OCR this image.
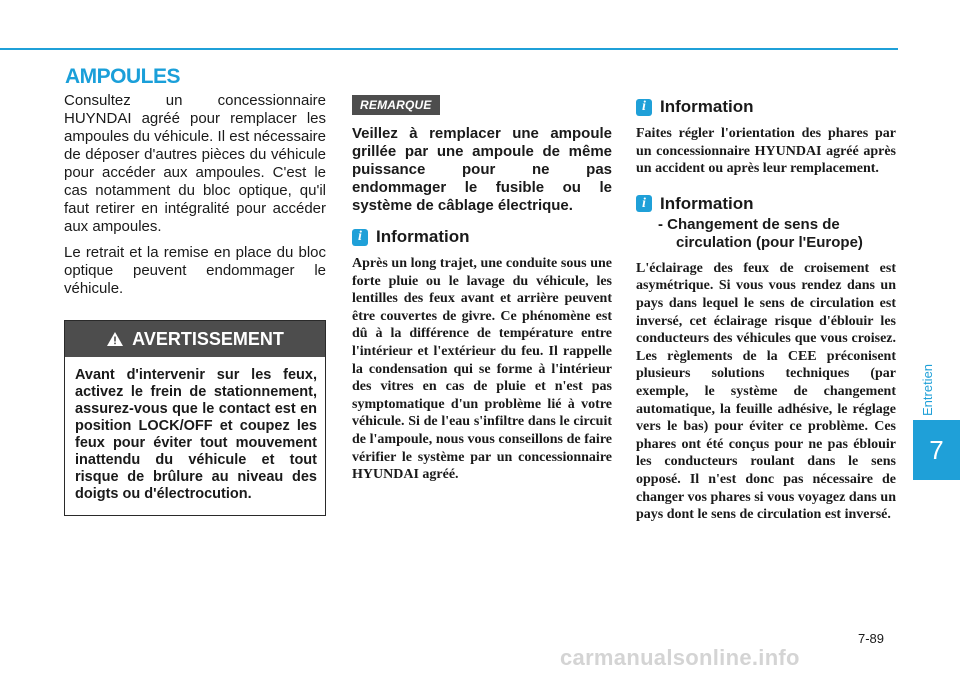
AMPOULES

Consultez un concessionnaire HUYNDAI agréé pour remplacer les ampoules du véhicule. Il est nécessaire de déposer d'autres pièces du véhicule pour accéder aux ampoules. C'est le cas notamment du bloc optique, qu'il faut retirer en intégralité pour accéder aux ampoules.

Le retrait et la remise en place du bloc optique peuvent endommager le véhicule.

AVERTISSEMENT
Avant d'intervenir sur les feux, activez le frein de stationnement, assurez-vous que le contact est en position LOCK/OFF et coupez les feux pour éviter tout mouvement inattendu du véhicule et tout risque de brûlure au niveau des doigts ou d'électrocution.
REMARQUE

Veillez à remplacer une ampoule grillée par une ampoule de même puissance pour ne pas endommager le fusible ou le système de câblage électrique.

i Information

Après un long trajet, une conduite sous une forte pluie ou le lavage du véhicule, les lentilles des feux avant et arrière peuvent être couvertes de givre. Ce phénomène est dû à la différence de température entre l'intérieur et l'extérieur du feu. Il rappelle la condensation qui se forme à l'intérieur des vitres en cas de pluie et n'est pas symptomatique d'un problème lié à votre véhicule. Si de l'eau s'infiltre dans le circuit de l'ampoule, nous vous conseillons de faire vérifier le système par un concessionnaire HYUNDAI agréé.

i Information

Faites régler l'orientation des phares par un concessionnaire HYUNDAI agréé après un accident ou après leur remplacement.

i Information
- Changement de sens de
circulation (pour l'Europe)

L'éclairage des feux de croisement est asymétrique. Si vous vous rendez dans un pays dans lequel le sens de circulation est inversé, cet éclairage risque d'éblouir les conducteurs des véhicules que vous croisez. Les règlements de la CEE préconisent plusieurs solutions techniques (par exemple, le système de changement automatique, la feuille adhésive, le réglage vers le bas) pour éviter ce problème. Ces phares ont été conçus pour ne pas éblouir les conducteurs roulant dans le sens opposé. Il n'est donc pas nécessaire de changer vos phares si vous voyagez dans un pays dont le sens de circulation est inversé.

Entretien
7
7-89
carmanualsonline.info
